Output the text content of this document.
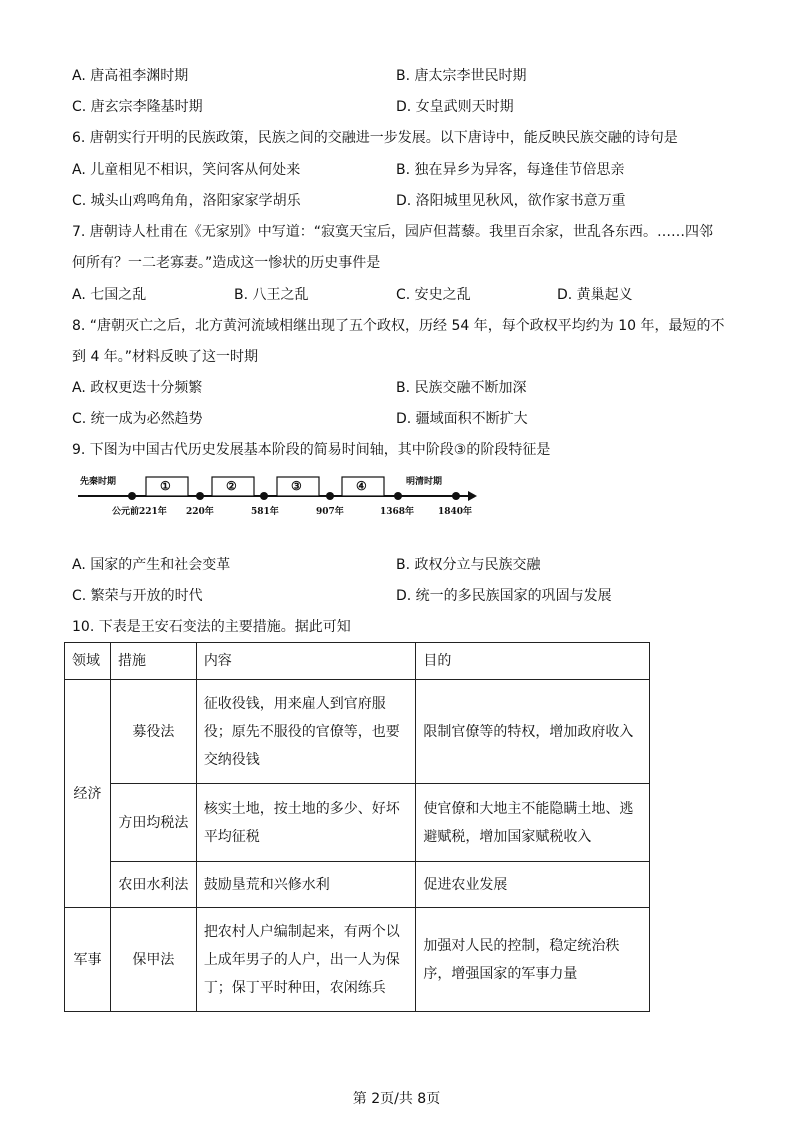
A. 唐高祖李渊时期	B. 唐太宗李世民时期
C. 唐玄宗李隆基时期	D. 女皇武则天时期
6. 唐朝实行开明的民族政策，民族之间的交融进一步发展。以下唐诗中，能反映民族交融的诗句是
A. 儿童相见不相识，笑问客从何处来	B. 独在异乡为异客，每逢佳节倍思亲
C. 城头山鸡鸣角角，洛阳家家学胡乐	D. 洛阳城里见秋风，欲作家书意万重
7. 唐朝诗人杜甫在《无家别》中写道：“寂寞天宝后，园庐但蒿藜。我里百余家，世乱各东西。……四邻
何所有？一二老寡妻。”造成这一惨状的历史事件是
A. 七国之乱	B. 八王之乱	C. 安史之乱	D. 黄巢起义
8. “唐朝灭亡之后，北方黄河流域相继出现了五个政权，历经 54 年，每个政权平均约为 10 年，最短的不
到 4 年。”材料反映了这一时期
A. 政权更迭十分频繁	B. 民族交融不断加深
C. 统一成为必然趋势	D. 疆域面积不断扩大
9. 下图为中国古代历史发展基本阶段的简易时间轴，其中阶段③的阶段特征是
先秦时期	明清时期
①	②	③	④
公元前221年 220年	581年	907年	1368年	1840年
A. 国家的产生和社会变革	B. 政权分立与民族交融
C. 繁荣与开放的时代	D. 统一的多民族国家的巩固与发展
10. 下表是王安石变法的主要措施。据此可知
领域	措施	内容	目的
经济	募役法	征收役钱，用来雇人到官府服役；原先不服役的官僚等，也要交纳役钱	限制官僚等的特权，增加政府收入
	方田均税法	核实土地，按土地的多少、好坏平均征税	使官僚和大地主不能隐瞒土地、逃避赋税，增加国家赋税收入
	农田水利法	鼓励垦荒和兴修水利	促进农业发展
军事	保甲法	把农村人户编制起来，有两个以上成年男子的人户，出一人为保丁；保丁平时种田，农闲练兵	加强对人民的控制，稳定统治秩序，增强国家的军事力量
第 2页/共 8页
